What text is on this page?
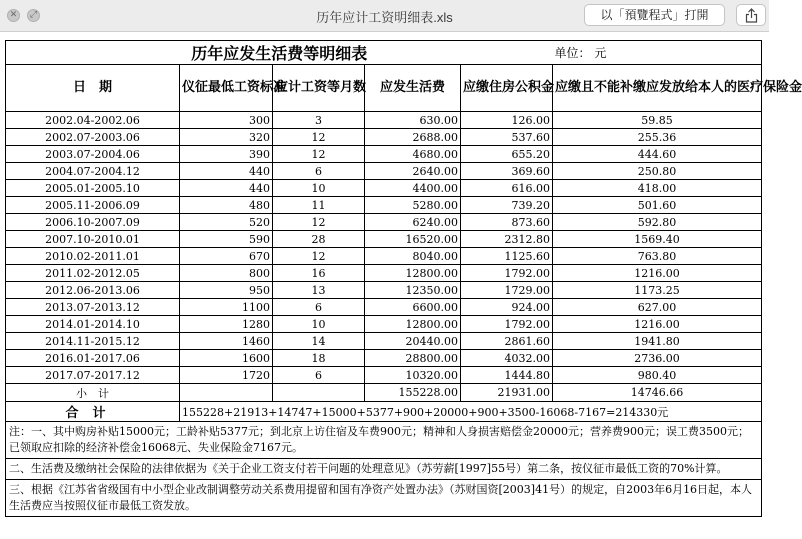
✕	⤢	历年应计工资明细表.xls	以「預覽程式」打開
历年应发生活费等明细表					单位： 元
日　期	仪征最低工资标准	应计工资等月数	应发生活费	应缴住房公积金	应缴且不能补缴应发放给本人的医疗保险金
2002.04-2002.06	300	3	630.00	126.00	59.85
2002.07-2003.06	320	12	2688.00	537.60	255.36
2003.07-2004.06	390	12	4680.00	655.20	444.60
2004.07-2004.12	440	6	2640.00	369.60	250.80
2005.01-2005.10	440	10	4400.00	616.00	418.00
2005.11-2006.09	480	11	5280.00	739.20	501.60
2006.10-2007.09	520	12	6240.00	873.60	592.80
2007.10-2010.01	590	28	16520.00	2312.80	1569.40
2010.02-2011.01	670	12	8040.00	1125.60	763.80
2011.02-2012.05	800	16	12800.00	1792.00	1216.00
2012.06-2013.06	950	13	12350.00	1729.00	1173.25
2013.07-2013.12	1100	6	6600.00	924.00	627.00
2014.01-2014.10	1280	10	12800.00	1792.00	1216.00
2014.11-2015.12	1460	14	20440.00	2861.60	1941.80
2016.01-2017.06	1600	18	28800.00	4032.00	2736.00
2017.07-2017.12	1720	6	10320.00	1444.80	980.40
小　计			155228.00	21931.00	14746.66
合计	155228+21913+14747+15000+5377+900+20000+900+3500-16068-7167=214330元				
注：一、其中购房补贴15000元；工龄补贴5377元；到北京上访住宿及车费900元；精神和人身损害赔偿金20000元；营养费900元；误工费3500元；已领取应扣除的经济补偿金16068元、失业保险金7167元。					
二、生活费及缴纳社会保险的法律依据为《关于企业工资支付若干问题的处理意见》（苏劳薪[1997]55号）第二条，按仪征市最低工资的70%计算。					
三、根据《江苏省省级国有中小型企业改制调整劳动关系费用提留和国有净资产处置办法》（苏财国资[2003]41号）的规定，自2003年6月16日起，本人生活费应当按照仪征市最低工资发放。					
